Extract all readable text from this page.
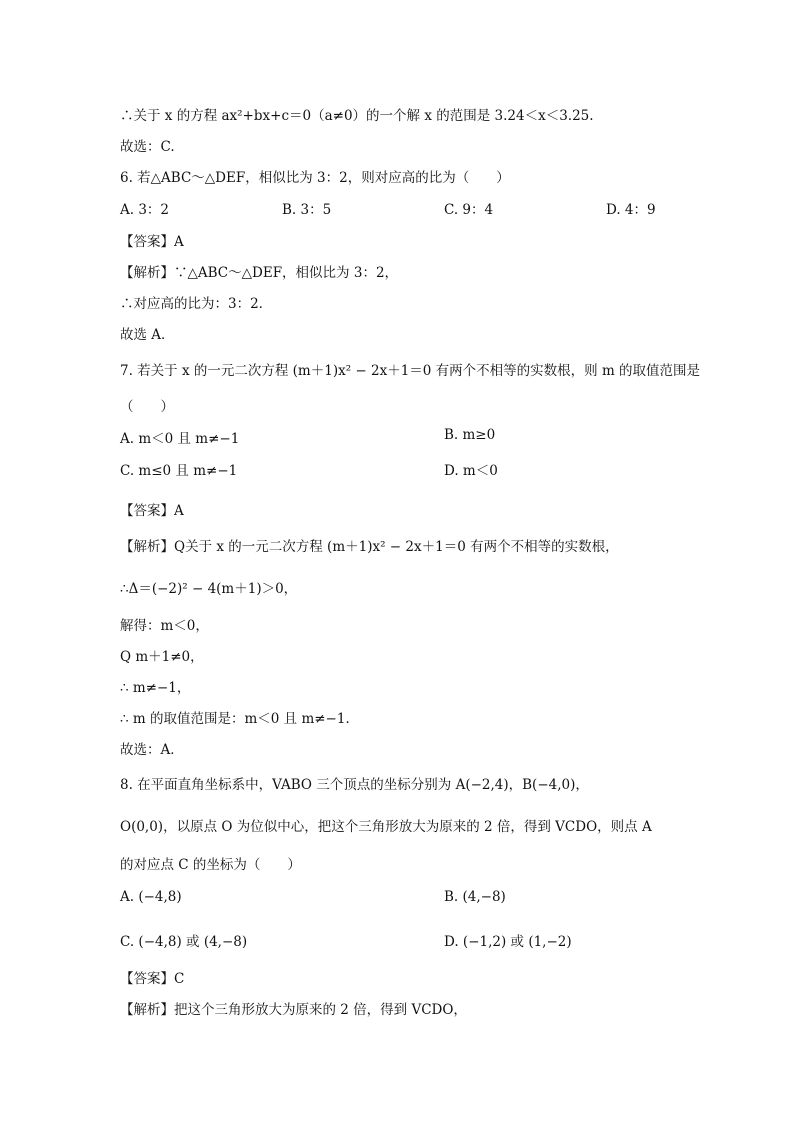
∴关于 x 的方程 ax²+bx+c＝0（a≠0）的一个解 x 的范围是 3.24＜x＜3.25.
故选：C.
6. 若△ABC～△DEF，相似比为 3：2，则对应高的比为（　　）
A. 3：2	B. 3：5	C. 9：4	D. 4：9
【答案】A
【解析】∵△ABC～△DEF，相似比为 3：2，
∴对应高的比为：3：2．
故选 A．
7. 若关于 x 的一元二次方程 (m＋1)x² − 2x＋1＝0 有两个不相等的实数根，则 m 的取值范围是
（　　）
A. m＜0 且 m≠−1	B. m≥0
C. m≤0 且 m≠−1	D. m＜0
【答案】A
【解析】Q关于 x 的一元二次方程 (m＋1)x² − 2x＋1＝0 有两个不相等的实数根，
∴Δ＝(−2)² − 4(m＋1)＞0，
解得：m＜0，
Q m＋1≠0，
∴ m≠−1，
∴ m 的取值范围是：m＜0 且 m≠−1．
故选：A．
8. 在平面直角坐标系中，VABO 三个顶点的坐标分别为 A(−2,4)，B(−4,0)，
O(0,0)，以原点 O 为位似中心，把这个三角形放大为原来的 2 倍，得到 VCDO，则点 A
的对应点 C 的坐标为（　　）
A. (−4,8)	B. (4,−8)
C. (−4,8) 或 (4,−8)	D. (−1,2) 或 (1,−2)
【答案】C
【解析】把这个三角形放大为原来的 2 倍，得到 VCDO，
